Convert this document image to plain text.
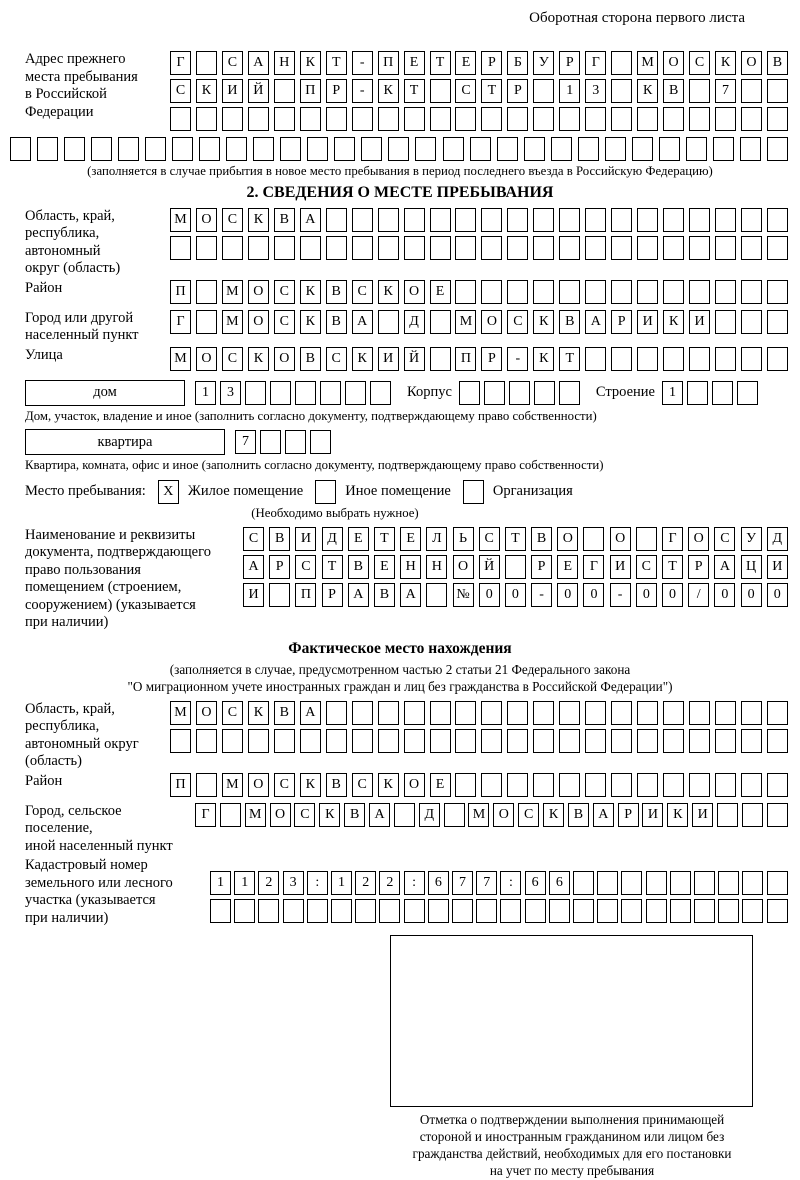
Оборотная сторона первого листа
Адрес прежнего
места пребывания
в Российской
Федерации
Г	С	А	Н	К	Т	-	П	Е	Т	Е	Р	Б	У	Р	Г	М	О	С	К	О	В
С	К	И	Й	П	Р	-	К	Т	С	Т	Р	1	3	К	В	7
(заполняется в случае прибытия в новое место пребывания в период последнего въезда в Российскую Федерацию)
2. СВЕДЕНИЯ О МЕСТЕ ПРЕБЫВАНИЯ
Область, край,
республика,
автономный
округ (область)
М	О	С	К	В	А
Район	П	М	О	С	К	В	С	К	О	Е
Город или другой
населенный пункт
Г	М	О	С	К	В	А	Д	М	О	С	К	В	А	Р	И	К	И
Улица	М	О	С	К	О	В	С	К	И	Й	П	Р	-	К	Т
дом	1	3	Корпус	Строение	1
Дом, участок, владение и иное (заполнить согласно документу, подтверждающему право собственности)
квартира	7
Квартира, комната, офис и иное (заполнить согласно документу, подтверждающему право собственности)
Место пребывания:	X Жилое помещение	Иное помещение	Организация
(Необходимо выбрать нужное)
Наименование и реквизиты
документа, подтверждающего
право пользования
помещением (строением,
сооружением) (указывается
при наличии)
С	В	И	Д	Е	Т	Е	Л	Ь	С	Т	В	О	О	Г	О	С	У	Д
А	Р	С	Т	В	Е	Н	Н	О	Й	Р	Е	Г	И	С	Т	Р	А	Ц	И
И	П	Р	А	В	А	№	0	0	-	0	0	-	0	0	/	0	0	0
Фактическое место нахождения
(заполняется в случае, предусмотренном частью 2 статьи 21 Федерального закона
"О миграционном учете иностранных граждан и лиц без гражданства в Российской Федерации")
Область, край,
республика,
автономный округ
(область)
М	О	С	К	В	А
Район	П	М	О	С	К	В	С	К	О	Е
Город, сельское поселение,
иной населенный пункт
Г	М О	С	К	В	А	Д	М О	С	К	В	А	Р	И	К	И
Кадастровый номер
земельного или лесного
участка (указывается
при наличии)
1	1	2	3	:	1	2	2	:	6	7	7	:	6	6
Отметка о подтверждении выполнения принимающей
стороной и иностранным гражданином или лицом без
гражданства действий, необходимых для его постановки
на учет по месту пребывания
